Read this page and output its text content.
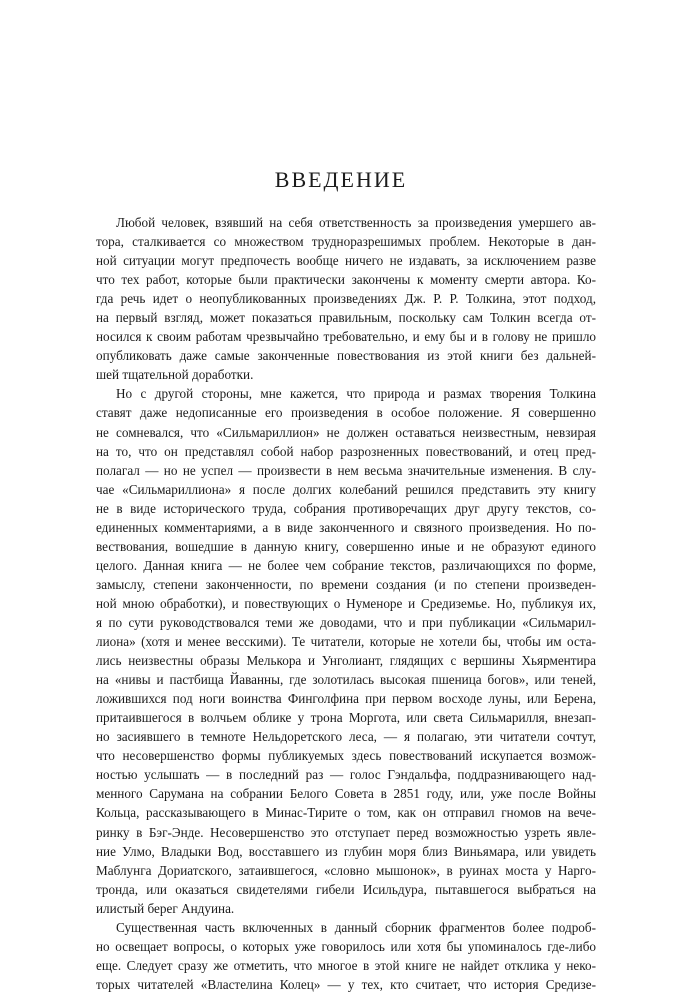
ВВЕДЕНИЕ
Любой человек, взявший на себя ответственность за произведения умершего ав-
тора, сталкивается со множеством трудноразрешимых проблем. Некоторые в дан-
ной ситуации могут предпочесть вообще ничего не издавать, за исключением разве
что тех работ, которые были практически закончены к моменту смерти автора. Ко-
гда речь идет о неопубликованных произведениях Дж. Р. Р. Толкина, этот подход,
на первый взгляд, может показаться правильным, поскольку сам Толкин всегда от-
носился к своим работам чрезвычайно требовательно, и ему бы и в голову не пришло
опубликовать даже самые законченные повествования из этой книги без дальней-
шей тщательной доработки.
Но с другой стороны, мне кажется, что природа и размах творения Толкина
ставят даже недописанные его произведения в особое положение. Я совершенно
не сомневался, что «Сильмариллион» не должен оставаться неизвестным, невзирая
на то, что он представлял собой набор разрозненных повествований, и отец пред-
полагал — но не успел — произвести в нем весьма значительные изменения. В слу-
чае «Сильмариллиона» я после долгих колебаний решился представить эту книгу
не в виде исторического труда, собрания противоречащих друг другу текстов, со-
единенных комментариями, а в виде законченного и связного произведения. Но по-
вествования, вошедшие в данную книгу, совершенно иные и не образуют единого
целого. Данная книга — не более чем собрание текстов, различающихся по форме,
замыслу, степени законченности, по времени создания (и по степени произведен-
ной мною обработки), и повествующих о Нуменоре и Средиземье. Но, публикуя их,
я по сути руководствовался теми же доводами, что и при публикации «Сильмарил-
лиона» (хотя и менее весскими). Те читатели, которые не хотели бы, чтобы им оста-
лись неизвестны образы Мелькора и Унголиант, глядящих с вершины Хьярментира
на «нивы и пастбища Йаванны, где золотилась высокая пшеница богов», или теней,
ложившихся под ноги воинства Финголфина при первом восходе луны, или Берена,
притаившегося в волчьем облике у трона Моргота, или света Сильмарилля, внезап-
но засиявшего в темноте Нельдоретского леса, — я полагаю, эти читатели сочтут,
что несовершенство формы публикуемых здесь повествований искупается возмож-
ностью услышать — в последний раз — голос Гэндальфа, поддразнивающего над-
менного Сарумана на собрании Белого Совета в 2851 году, или, уже после Войны
Кольца, рассказывающего в Минас-Тирите о том, как он отправил гномов на вече-
ринку в Бэг-Энде. Несовершенство это отступает перед возможностью узреть явле-
ние Улмо, Владыки Вод, восставшего из глубин моря близ Виньямара, или увидеть
Маблунга Дориатского, затаившегося, «словно мышонок», в руинах моста у Нарго-
тронда, или оказаться свидетелями гибели Исильдура, пытавшегося выбраться на
илистый берег Андуина.
Существенная часть включенных в данный сборник фрагментов более подроб-
но освещает вопросы, о которых уже говорилось или хотя бы упоминалось где-либо
еще. Следует сразу же отметить, что многое в этой книге не найдет отклика у неко-
торых читателей «Властелина Колец» — у тех, кто считает, что история Средизе-
